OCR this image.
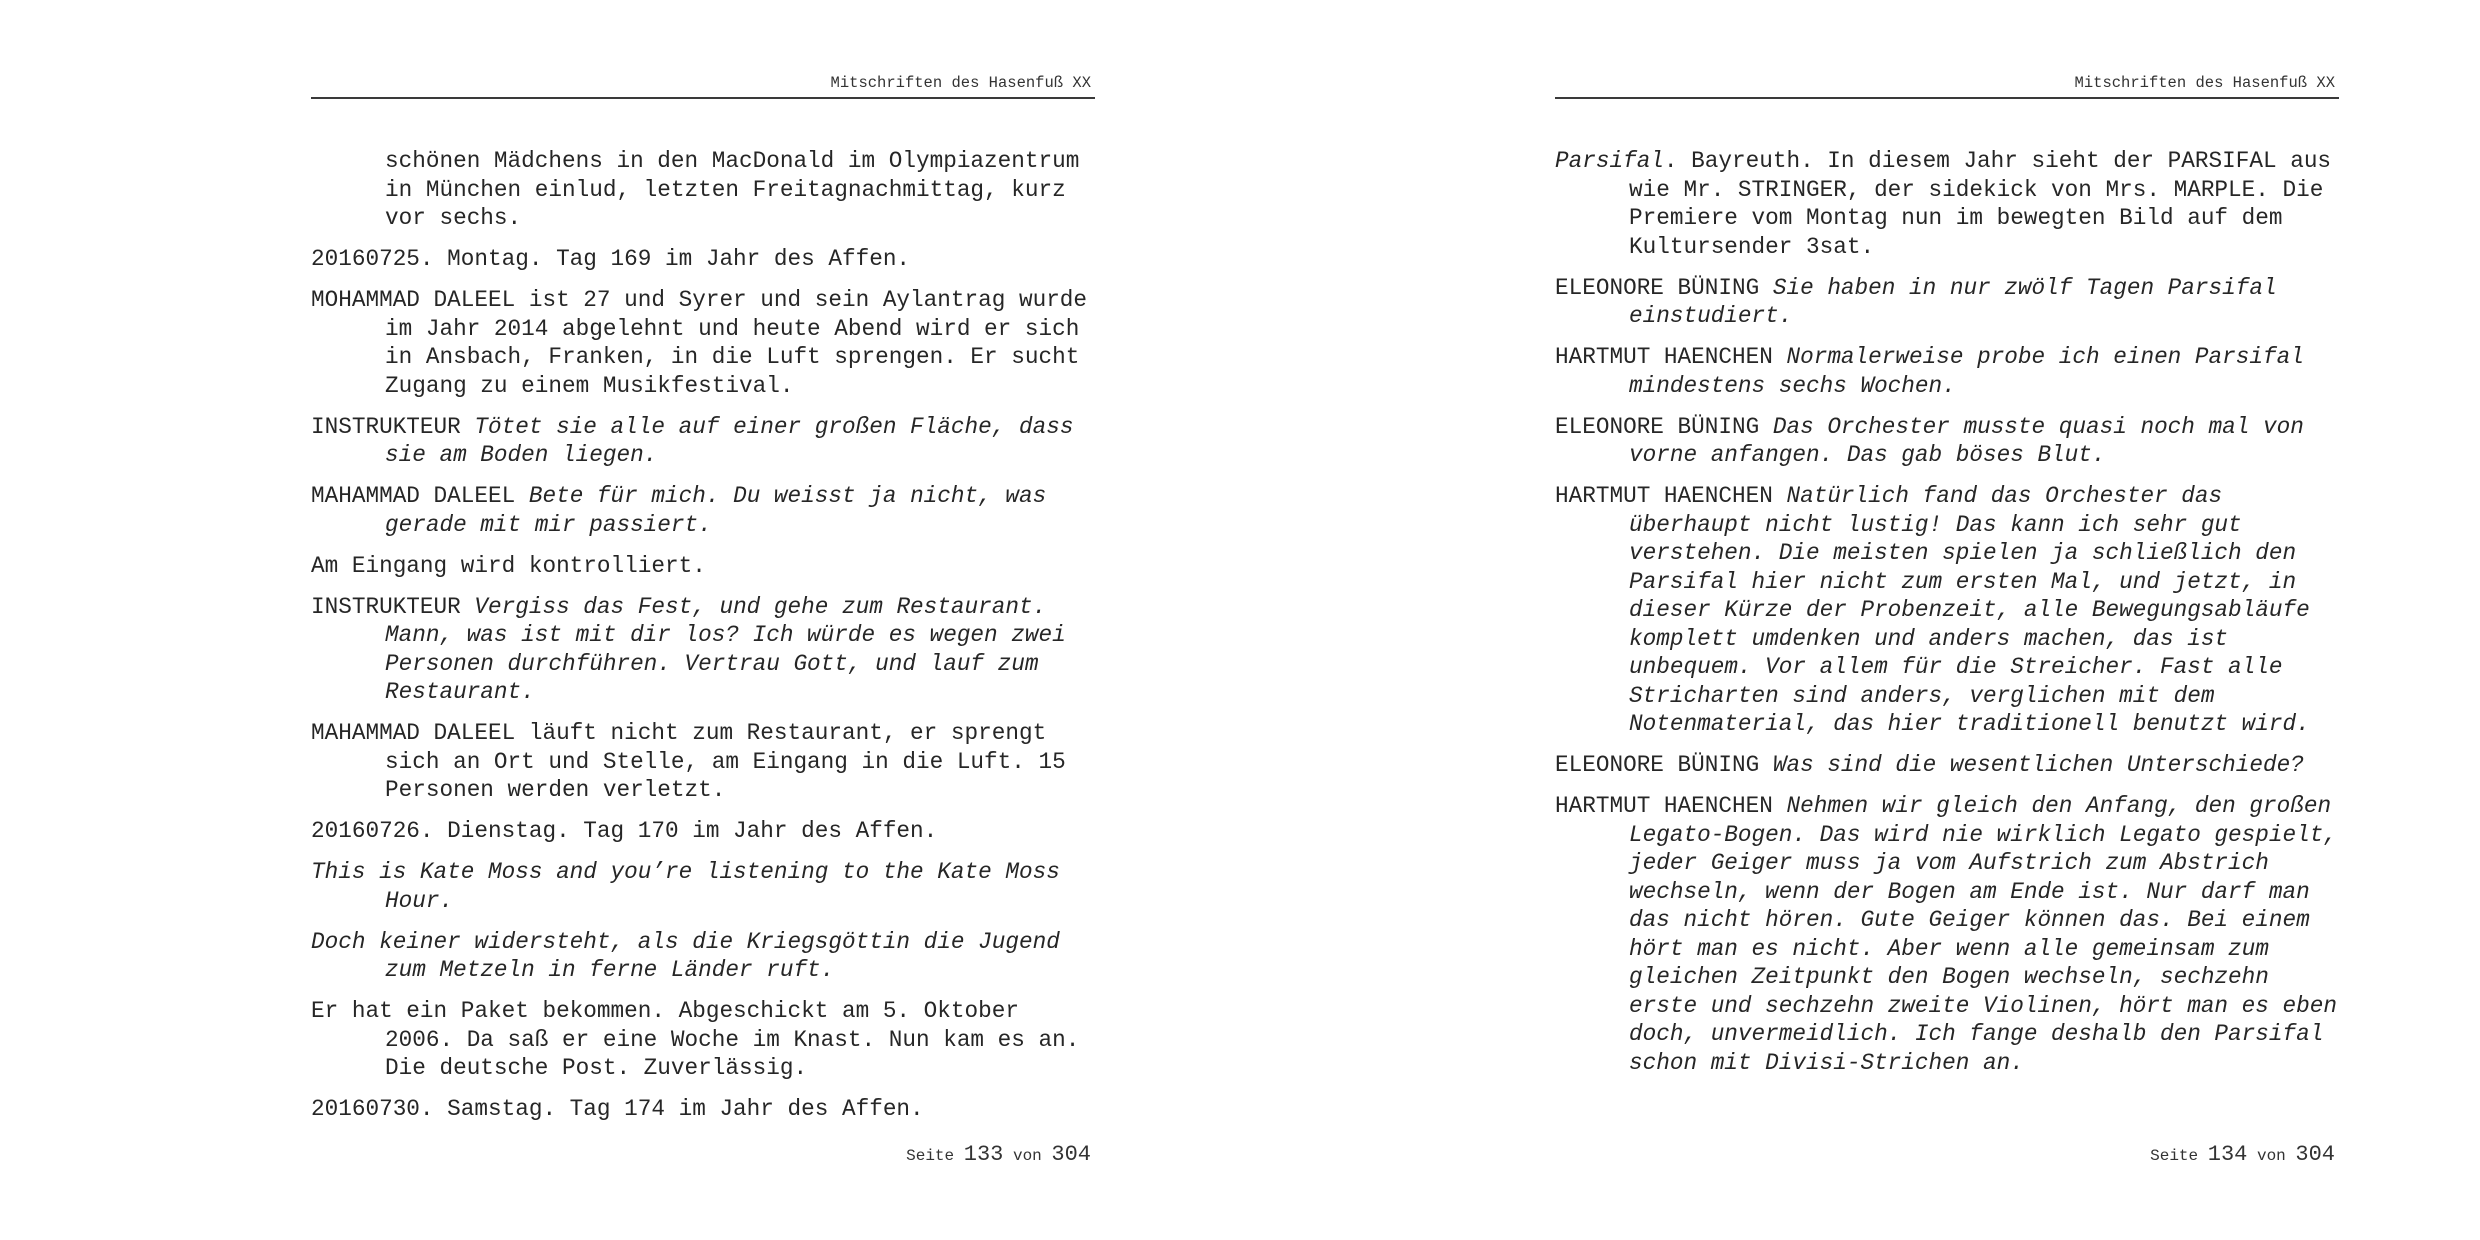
Mitschriften des Hasenfuß XX

schönen Mädchens in den MacDonald im Olympiazentrum in München einlud, letzten Freitagnachmittag, kurz vor sechs.

20160725. Montag. Tag 169 im Jahr des Affen.

MOHAMMAD DALEEL ist 27 und Syrer und sein Aylantrag wurde im Jahr 2014 abgelehnt und heute Abend wird er sich in Ansbach, Franken, in die Luft sprengen. Er sucht Zugang zu einem Musikfestival.

INSTRUKTEUR Tötet sie alle auf einer großen Fläche, dass sie am Boden liegen.

MAHAMMAD DALEEL Bete für mich. Du weisst ja nicht, was gerade mit mir passiert.

Am Eingang wird kontrolliert.

INSTRUKTEUR Vergiss das Fest, und gehe zum Restaurant. Mann, was ist mit dir los? Ich würde es wegen zwei Personen durchführen. Vertrau Gott, und lauf zum Restaurant.

MAHAMMAD DALEEL läuft nicht zum Restaurant, er sprengt sich an Ort und Stelle, am Eingang in die Luft. 15 Personen werden verletzt.

20160726. Dienstag. Tag 170 im Jahr des Affen.

This is Kate Moss and you’re listening to the Kate Moss Hour.

Doch keiner widersteht, als die Kriegsgöttin die Jugend zum Metzeln in ferne Länder ruft.

Er hat ein Paket bekommen. Abgeschickt am 5. Oktober 2006. Da saß er eine Woche im Knast. Nun kam es an. Die deutsche Post. Zuverlässig.

20160730. Samstag. Tag 174 im Jahr des Affen.

Seite 133 von 304
Mitschriften des Hasenfuß XX

Parsifal. Bayreuth. In diesem Jahr sieht der PARSIFAL aus wie Mr. STRINGER, der sidekick von Mrs. MARPLE. Die Premiere vom Montag nun im bewegten Bild auf dem Kultursender 3sat.

ELEONORE BÜNING Sie haben in nur zwölf Tagen Parsifal einstudiert.

HARTMUT HAENCHEN Normalerweise probe ich einen Parsifal mindestens sechs Wochen.

ELEONORE BÜNING Das Orchester musste quasi noch mal von vorne anfangen. Das gab böses Blut.

HARTMUT HAENCHEN Natürlich fand das Orchester das überhaupt nicht lustig! Das kann ich sehr gut verstehen. Die meisten spielen ja schließlich den Parsifal hier nicht zum ersten Mal, und jetzt, in dieser Kürze der Probenzeit, alle Bewegungsabläufe komplett umdenken und anders machen, das ist unbequem. Vor allem für die Streicher. Fast alle Stricharten sind anders, verglichen mit dem Notenmaterial, das hier traditionell benutzt wird.

ELEONORE BÜNING Was sind die wesentlichen Unterschiede?

HARTMUT HAENCHEN Nehmen wir gleich den Anfang, den großen Legato-Bogen. Das wird nie wirklich Legato gespielt, jeder Geiger muss ja vom Aufstrich zum Abstrich wechseln, wenn der Bogen am Ende ist. Nur darf man das nicht hören. Gute Geiger können das. Bei einem hört man es nicht. Aber wenn alle gemeinsam zum gleichen Zeitpunkt den Bogen wechseln, sechzehn erste und sechzehn zweite Violinen, hört man es eben doch, unvermeidlich. Ich fange deshalb den Parsifal schon mit Divisi-Strichen an.

Seite 134 von 304
